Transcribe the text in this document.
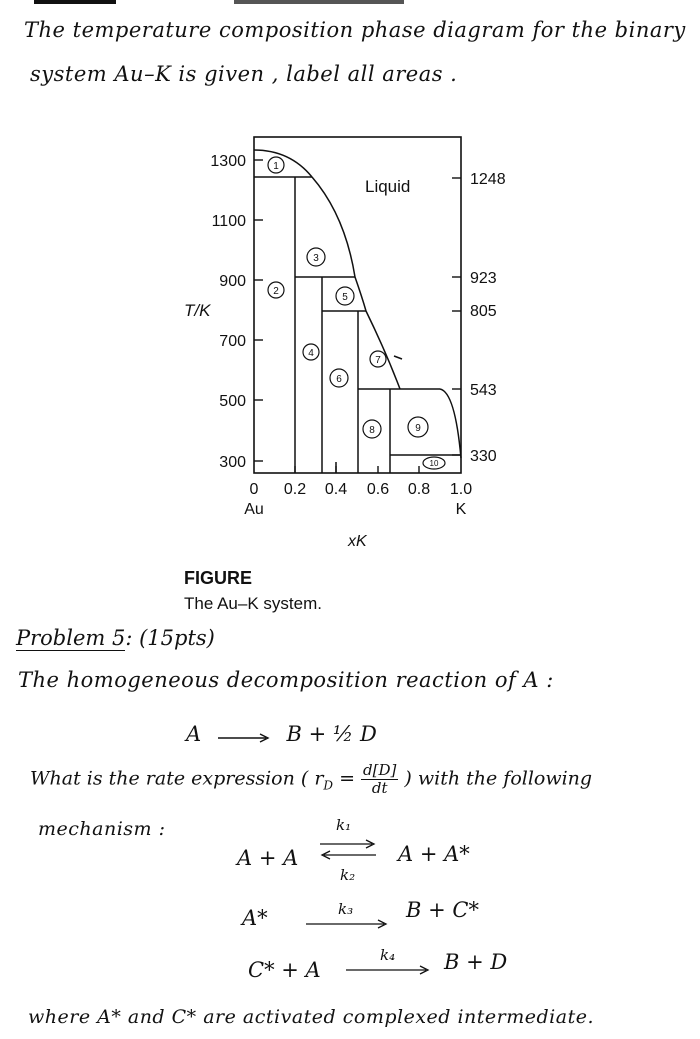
The temperature composition phase diagram for the binary
system Au–K is given , label all areas .
1
2
3
4
5
6
7
8	9
10
Liquid
1300
1100
900
700
500
300
1248
923
805
543
330
0 0.2 0.4 0.6 0.8 1.0
Au	K
T/K
xK
FIGURE
The Au–K system.
Problem 5: (15pts)
The homogeneous decomposition reaction of A :
A → B + ½ D
What is the rate expression ( $r_D = \frac{d[D]}{dt}$ ) with the following
mechanism :
A + A
k₁
k₂
A + A*
A*	k₃	B + C*
C* + A
k₄ B + D
where A* and C* are activated complexed intermediate.
